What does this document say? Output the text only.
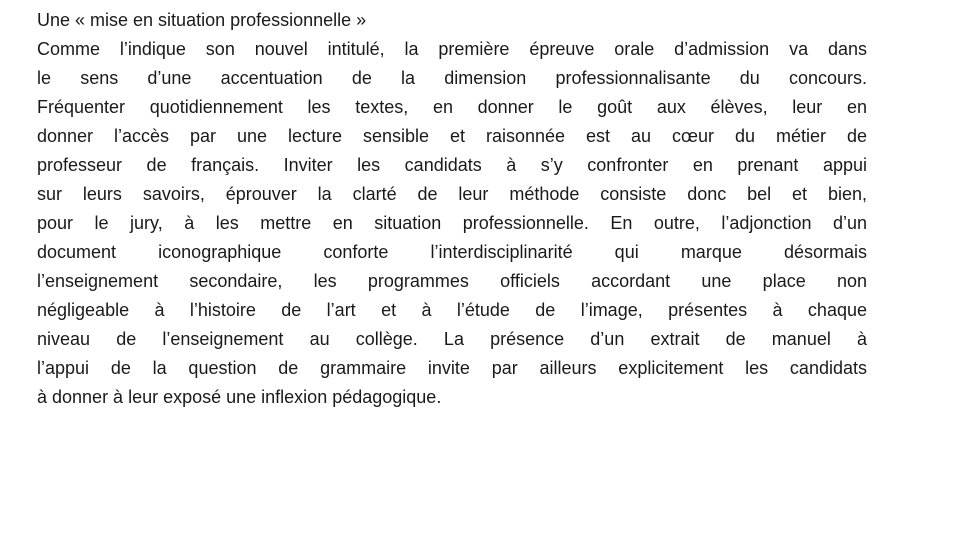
Une « mise en situation professionnelle »
Comme l’indique son nouvel intitulé, la première épreuve orale d’admission va dans
le sens d’une accentuation de la dimension professionnalisante du concours.
Fréquenter quotidiennement les textes, en donner le goût aux élèves, leur en
donner l’accès par une lecture sensible et raisonnée est au cœur du métier de
professeur de français. Inviter les candidats à s’y confronter en prenant appui
sur leurs savoirs, éprouver la clarté de leur méthode consiste donc bel et bien,
pour le jury, à les mettre en situation professionnelle. En outre, l’adjonction d’un
document iconographique conforte l’interdisciplinarité qui marque désormais
l’enseignement secondaire, les programmes officiels accordant une place non
négligeable à l’histoire de l’art et à l’étude de l’image, présentes à chaque
niveau de l’enseignement au collège. La présence d’un extrait de manuel à
l’appui de la question de grammaire invite par ailleurs explicitement les candidats
à donner à leur exposé une inflexion pédagogique.
